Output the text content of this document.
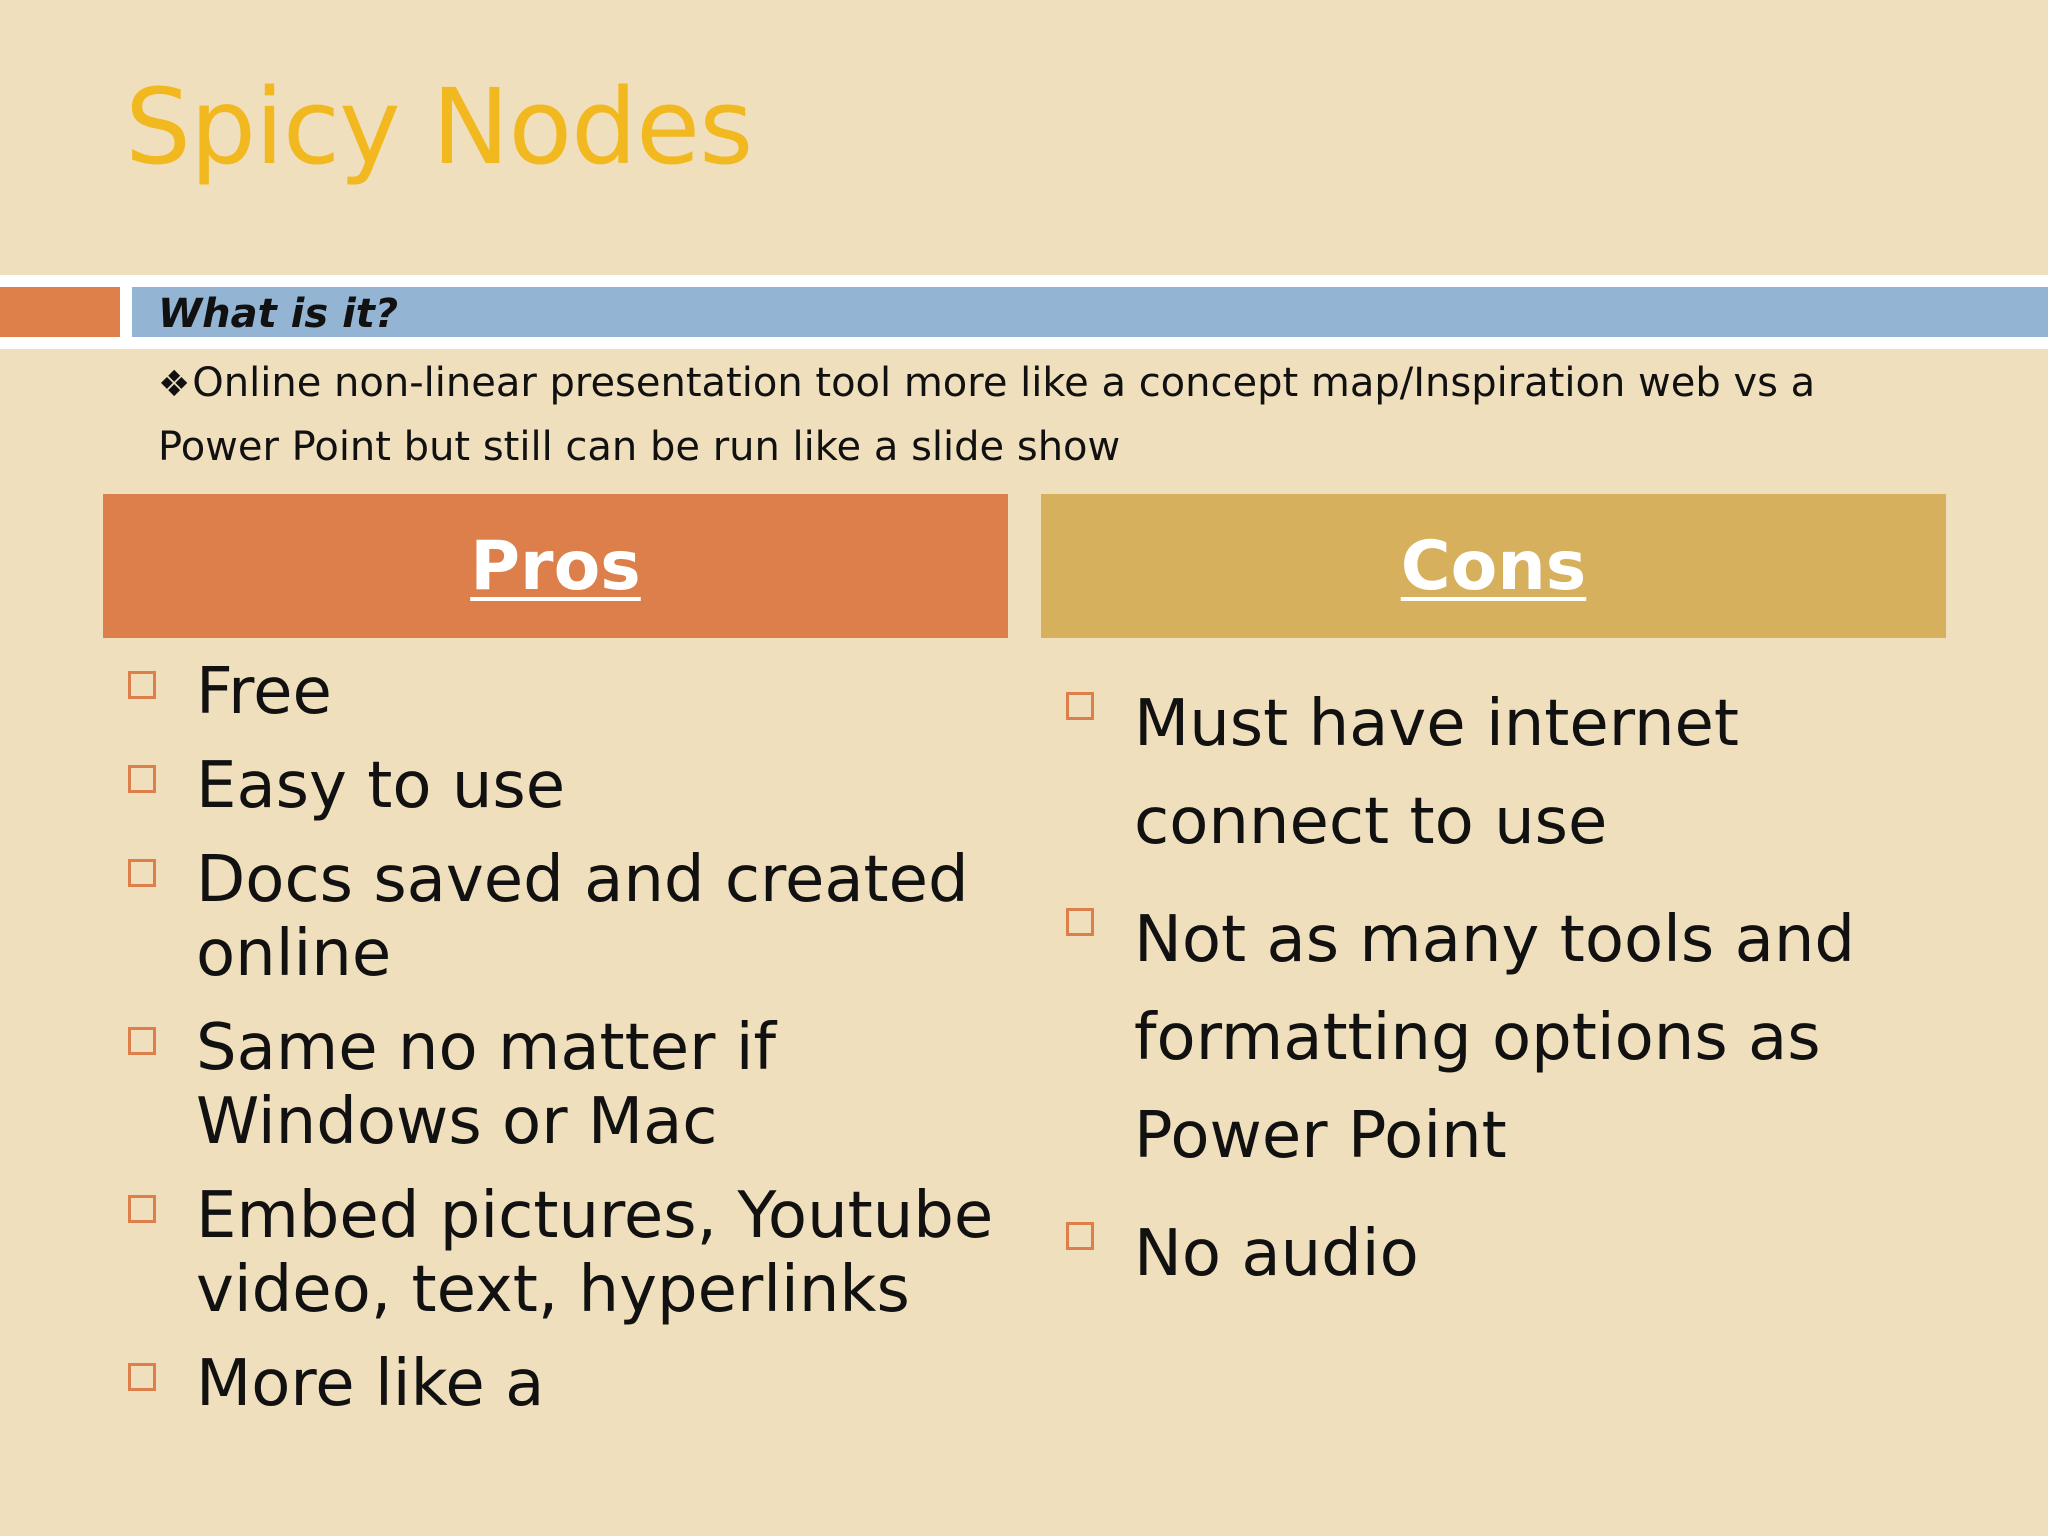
Spicy Nodes
What is it?
❖Online non-linear presentation tool more like a concept map/Inspiration web vs a Power Point but still can be run like a slide show
Pros	Cons
Free
Easy to use
Docs saved and created online
Same no matter if Windows or Mac
Embed pictures, Youtube video, text, hyperlinks
More like a
Must have internet connect to use
Not as many tools and formatting options as Power Point
No audio
